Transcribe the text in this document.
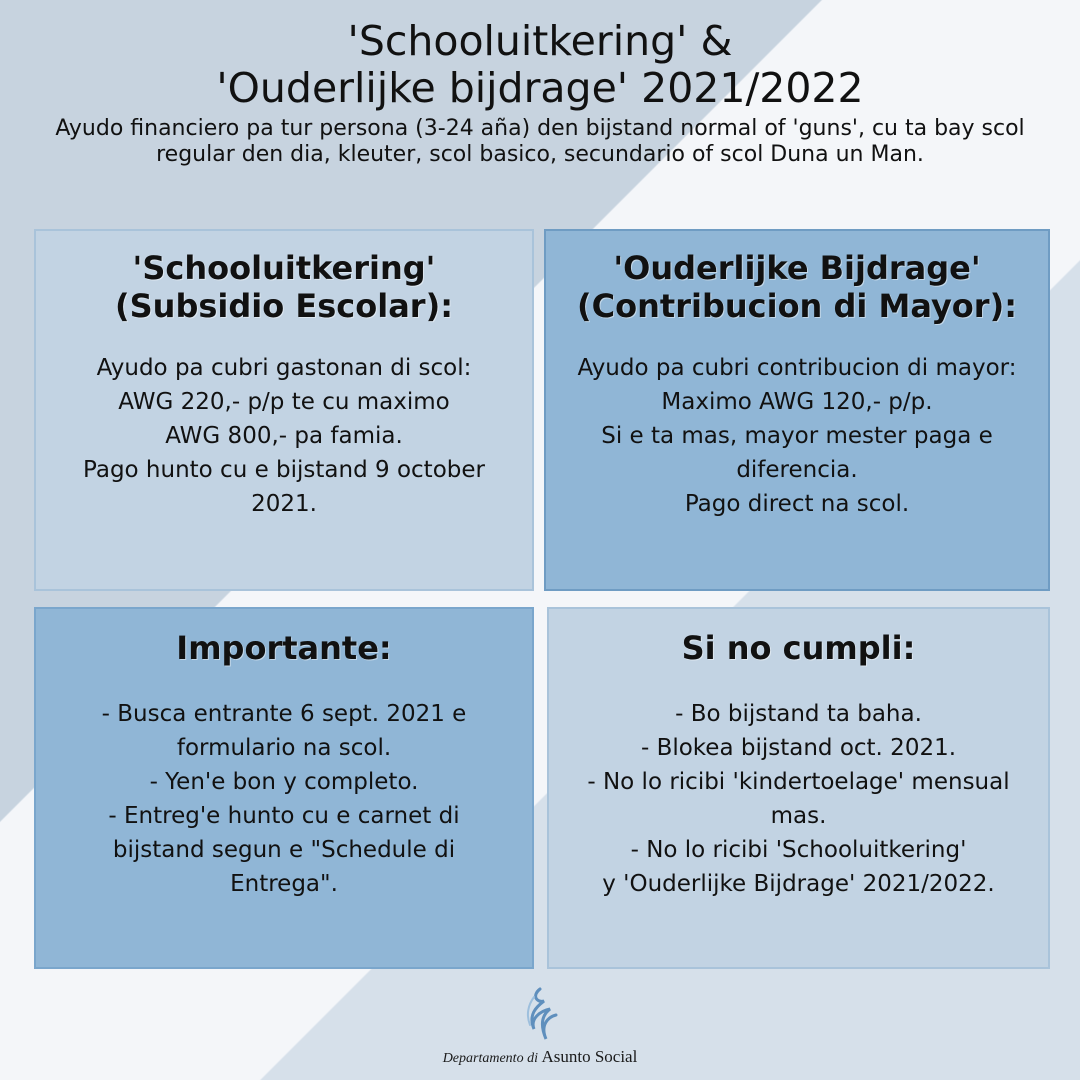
'Schooluitkering' &
'Ouderlijke bijdrage' 2021/2022

Ayudo financiero pa tur persona (3-24 aña) den bijstand normal of 'guns', cu ta bay scol regular den dia, kleuter, scol basico, secundario of scol Duna un Man.

'Schooluitkering'
(Subsidio Escolar):

Ayudo pa cubri gastonan di scol:
AWG 220,- p/p te cu maximo
AWG 800,- pa famia.
Pago hunto cu e bijstand 9 october
2021.

'Ouderlijke Bijdrage'
(Contribucion di Mayor):

Ayudo pa cubri contribucion di mayor:
Maximo AWG 120,- p/p.
Si e ta mas, mayor mester paga e
diferencia.
Pago direct na scol.

Importante:

- Busca entrante 6 sept. 2021 e
formulario na scol.
- Yen'e bon y completo.
- Entreg'e hunto cu e carnet di
bijstand segun e "Schedule di
Entrega".

Si no cumpli:

- Bo bijstand ta baha.
- Blokea bijstand oct. 2021.
- No lo ricibi 'kindertoelage' mensual
mas.
- No lo ricibi 'Schooluitkering'
y 'Ouderlijke Bijdrage' 2021/2022.

Departamento di Asunto Social
